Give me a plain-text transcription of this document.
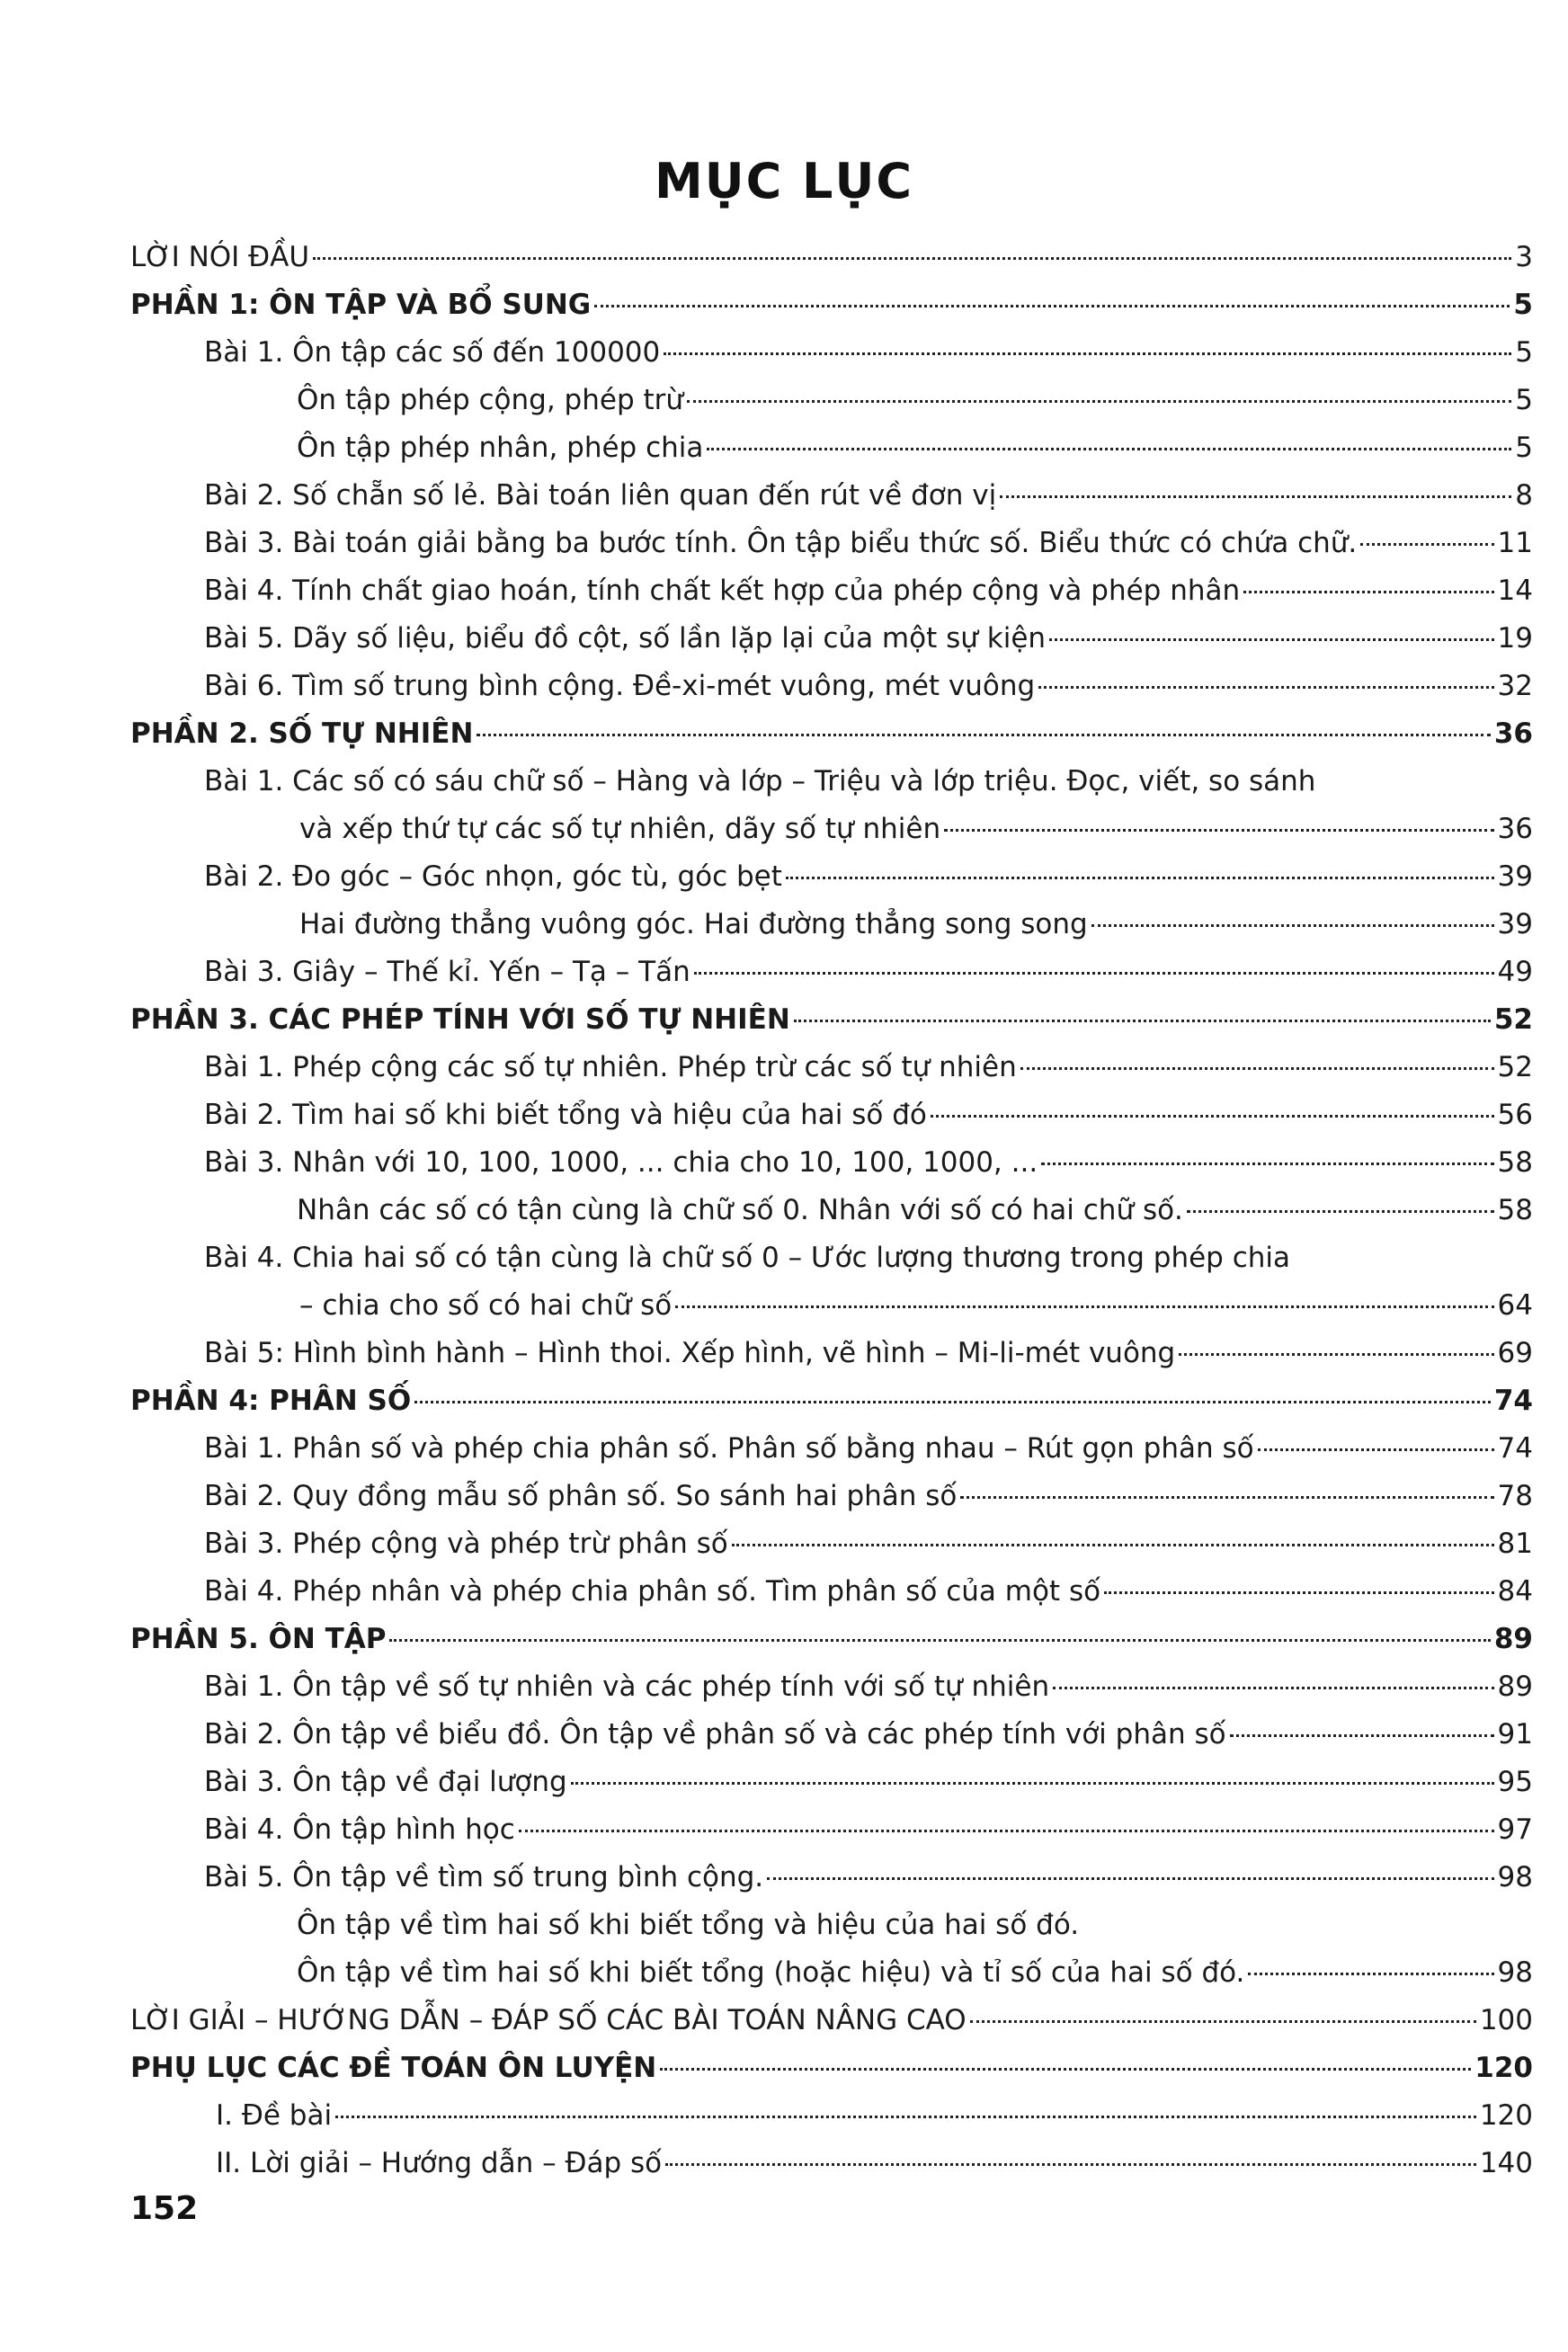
MỤC LỤC
LỜI NÓI ĐẦU	3
PHẦN 1: ÔN TẬP VÀ BỔ SUNG	5
Bài 1. Ôn tập các số đến 100000	5
Ôn tập phép cộng, phép trừ	5
Ôn tập phép nhân, phép chia	5
Bài 2. Số chẵn số lẻ. Bài toán liên quan đến rút về đơn vị	8
Bài 3. Bài toán giải bằng ba bước tính. Ôn tập biểu thức số. Biểu thức có chứa chữ.	11
Bài 4. Tính chất giao hoán, tính chất kết hợp của phép cộng và phép nhân	14
Bài 5. Dãy số liệu, biểu đồ cột, số lần lặp lại của một sự kiện	19
Bài 6. Tìm số trung bình cộng. Đề-xi-mét vuông, mét vuông	32
PHẦN 2. SỐ TỰ NHIÊN	36
Bài 1. Các số có sáu chữ số – Hàng và lớp – Triệu và lớp triệu. Đọc, viết, so sánh
và xếp thứ tự các số tự nhiên, dãy số tự nhiên	36
Bài 2. Đo góc – Góc nhọn, góc tù, góc bẹt	39
Hai đường thẳng vuông góc. Hai đường thẳng song song	39
Bài 3. Giây – Thế kỉ. Yến – Tạ – Tấn	49
PHẦN 3. CÁC PHÉP TÍNH VỚI SỐ TỰ NHIÊN	52
Bài 1. Phép cộng các số tự nhiên. Phép trừ các số tự nhiên	52
Bài 2. Tìm hai số khi biết tổng và hiệu của hai số đó	56
Bài 3. Nhân với 10, 100, 1000, ... chia cho 10, 100, 1000, ...	58
Nhân các số có tận cùng là chữ số 0. Nhân với số có hai chữ số.	58
Bài 4. Chia hai số có tận cùng là chữ số 0 – Ước lượng thương trong phép chia
– chia cho số có hai chữ số	64
Bài 5: Hình bình hành – Hình thoi. Xếp hình, vẽ hình – Mi-li-mét vuông	69
PHẦN 4: PHÂN SỐ	74
Bài 1. Phân số và phép chia phân số. Phân số bằng nhau – Rút gọn phân số	74
Bài 2. Quy đồng mẫu số phân số. So sánh hai phân số	78
Bài 3. Phép cộng và phép trừ phân số	81
Bài 4. Phép nhân và phép chia phân số. Tìm phân số của một số	84
PHẦN 5. ÔN TẬP	89
Bài 1. Ôn tập về số tự nhiên và các phép tính với số tự nhiên	89
Bài 2. Ôn tập về biểu đồ. Ôn tập về phân số và các phép tính với phân số	91
Bài 3. Ôn tập về đại lượng	95
Bài 4. Ôn tập hình học	97
Bài 5. Ôn tập về tìm số trung bình cộng.	98
Ôn tập về tìm hai số khi biết tổng và hiệu của hai số đó.
Ôn tập về tìm hai số khi biết tổng (hoặc hiệu) và tỉ số của hai số đó.	98
LỜI GIẢI – HƯỚNG DẪN – ĐÁP SỐ CÁC BÀI TOÁN NÂNG CAO	100
PHỤ LỤC CÁC ĐỀ TOÁN ÔN LUYỆN	120
I. Đề bài	120
II. Lời giải – Hướng dẫn – Đáp số	140
152
